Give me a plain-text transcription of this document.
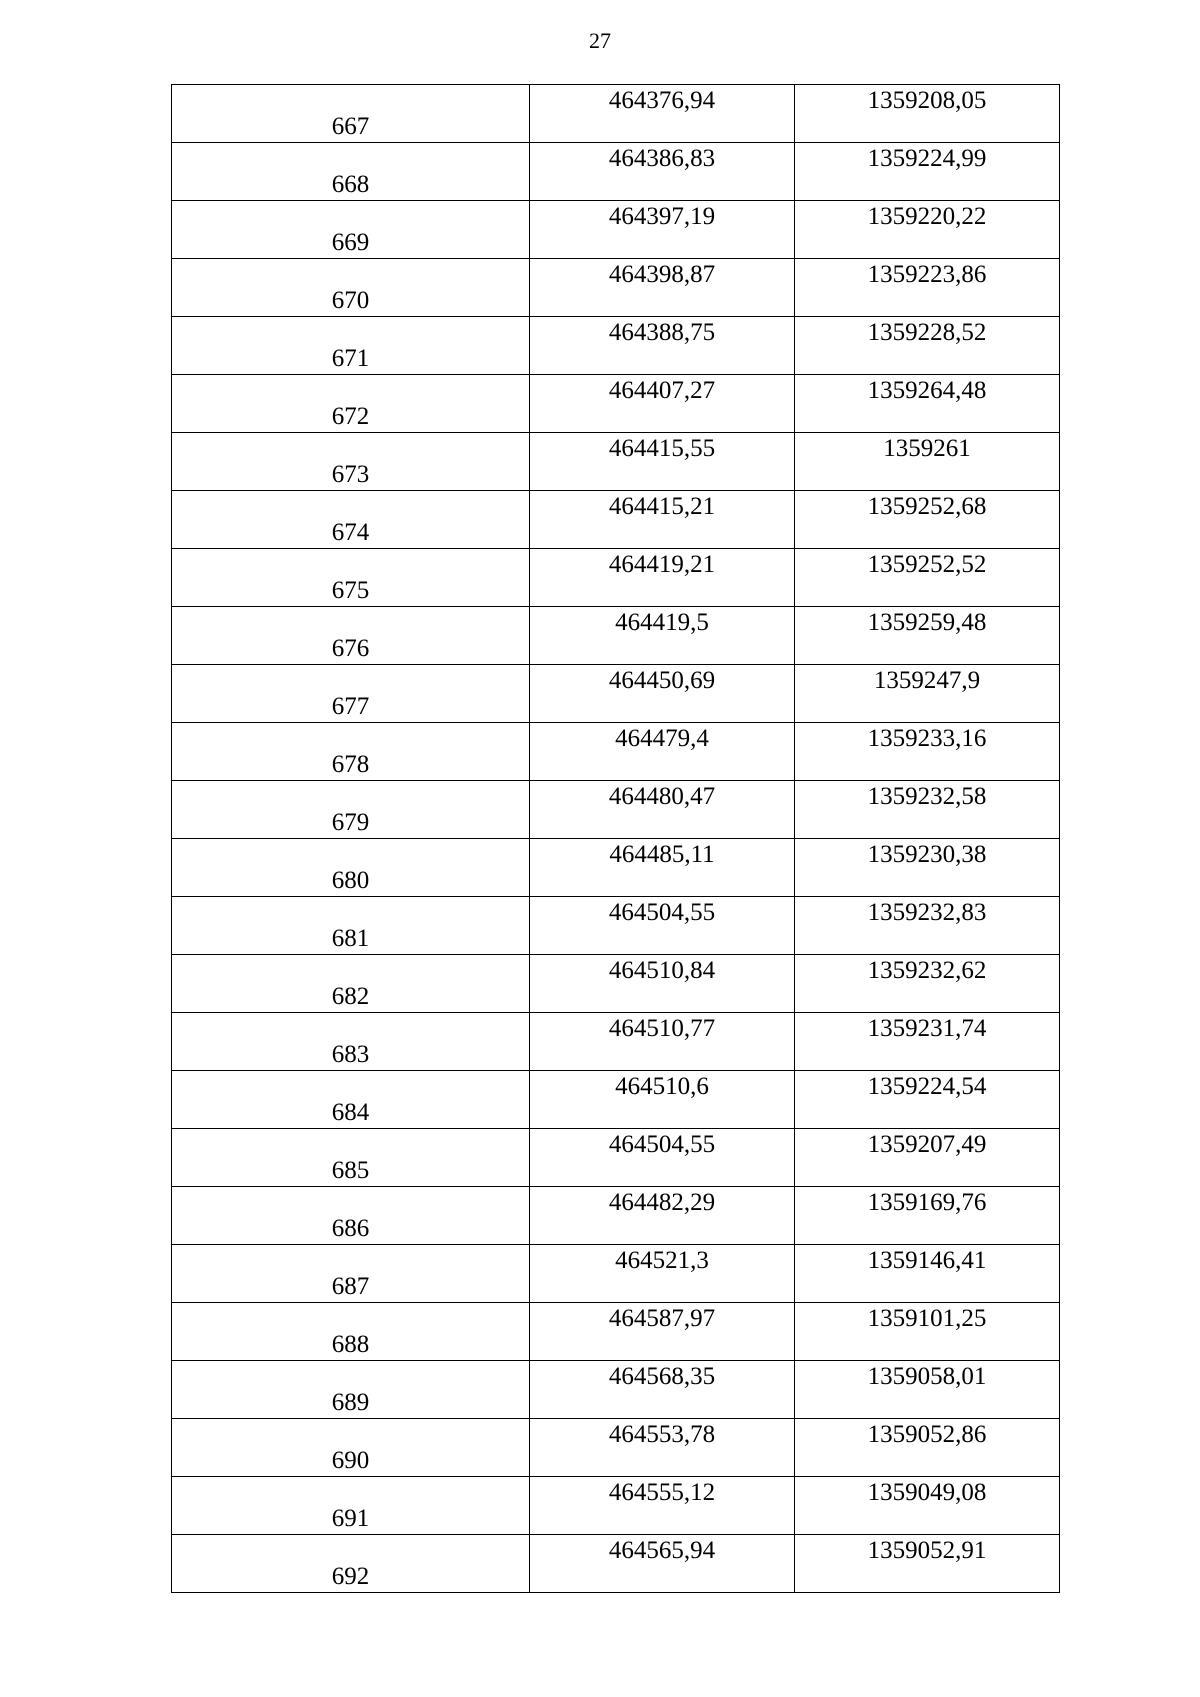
27
667	464376,94	1359208,05

668	464386,83	1359224,99

669	464397,19	1359220,22

670	464398,87	1359223,86

671	464388,75	1359228,52

672	464407,27	1359264,48

673	464415,55	1359261

674	464415,21	1359252,68

675	464419,21	1359252,52

676	464419,5	1359259,48

677	464450,69	1359247,9

678	464479,4	1359233,16

679	464480,47	1359232,58

680	464485,11	1359230,38

681	464504,55	1359232,83

682	464510,84	1359232,62

683	464510,77	1359231,74

684	464510,6	1359224,54

685	464504,55	1359207,49

686	464482,29	1359169,76

687	464521,3	1359146,41

688	464587,97	1359101,25

689	464568,35	1359058,01

690	464553,78	1359052,86

691	464555,12	1359049,08

692	464565,94	1359052,91
